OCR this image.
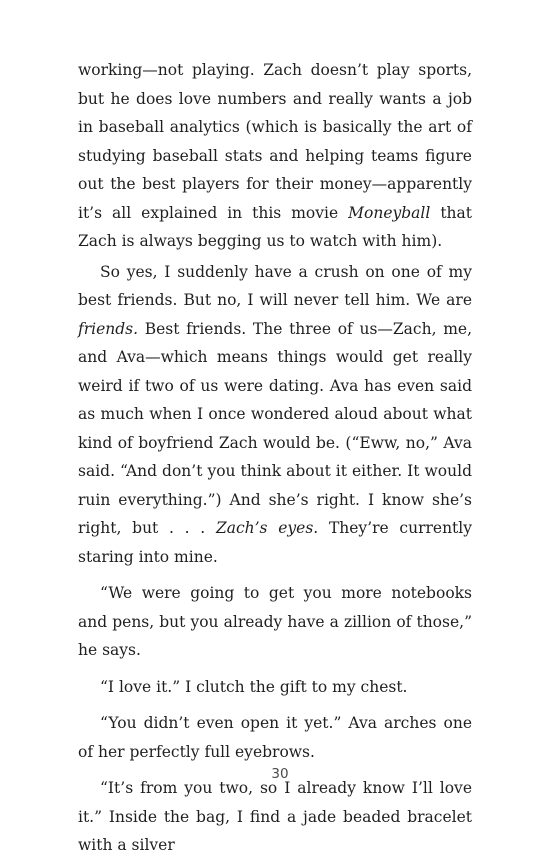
working—not playing. Zach doesn’t play sports, but he does love numbers and really wants a job in baseball analytics (which is basically the art of studying baseball stats and helping teams figure out the best players for their money—apparently it’s all explained in this movie Moneyball that Zach is always begging us to watch with him).

So yes, I suddenly have a crush on one of my best friends. But no, I will never tell him. We are friends. Best friends. The three of us—Zach, me, and Ava—which means things would get really weird if two of us were dating. Ava has even said as much when I once wondered aloud about what kind of boyfriend Zach would be. (“Eww, no,” Ava said. “And don’t you think about it either. It would ruin everything.”) And she’s right. I know she’s right, but . . . Zach’s eyes. They’re currently staring into mine.

“We were going to get you more notebooks and pens, but you already have a zillion of those,” he says.

“I love it.” I clutch the gift to my chest.

“You didn’t even open it yet.” Ava arches one of her perfectly full eyebrows.

“It’s from you two, so I already know I’ll love it.” Inside the bag, I find a jade beaded bracelet with a silver

30
